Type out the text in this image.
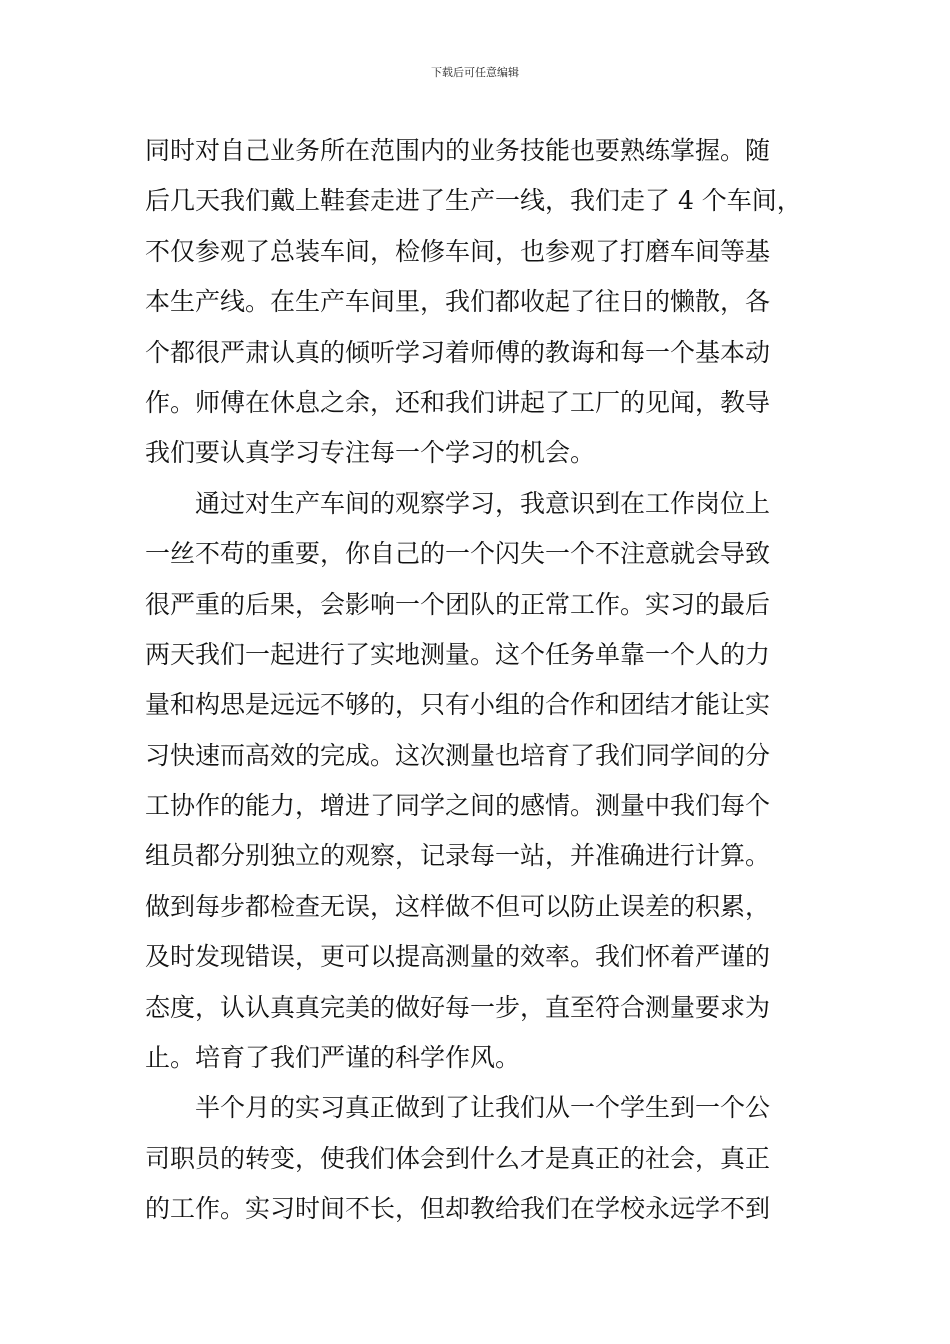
下载后可任意编辑
同时对自己业务所在范围内的业务技能也要熟练掌握。随
后几天我们戴上鞋套走进了生产一线，我们走了 4 个车间，
不仅参观了总装车间，检修车间，也参观了打磨车间等基
本生产线。在生产车间里，我们都收起了往日的懒散，各
个都很严肃认真的倾听学习着师傅的教诲和每一个基本动
作。师傅在休息之余，还和我们讲起了工厂的见闻，教导
我们要认真学习专注每一个学习的机会。
　　通过对生产车间的观察学习，我意识到在工作岗位上
一丝不苟的重要，你自己的一个闪失一个不注意就会导致
很严重的后果，会影响一个团队的正常工作。实习的最后
两天我们一起进行了实地测量。这个任务单靠一个人的力
量和构思是远远不够的，只有小组的合作和团结才能让实
习快速而高效的完成。这次测量也培育了我们同学间的分
工协作的能力，增进了同学之间的感情。测量中我们每个
组员都分别独立的观察，记录每一站，并准确进行计算。
做到每步都检查无误，这样做不但可以防止误差的积累，
及时发现错误，更可以提高测量的效率。我们怀着严谨的
态度，认认真真完美的做好每一步，直至符合测量要求为
止。培育了我们严谨的科学作风。
　　半个月的实习真正做到了让我们从一个学生到一个公
司职员的转变，使我们体会到什么才是真正的社会，真正
的工作。实习时间不长，但却教给我们在学校永远学不到
